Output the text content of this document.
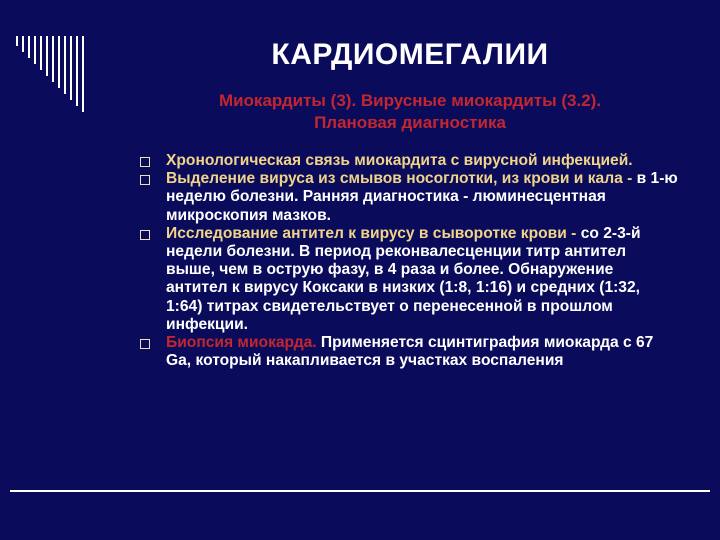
КАРДИОМЕГАЛИИ
Миокардиты (3). Вирусные миокардиты (3.2).
Плановая диагностика

Хронологическая связь миокардита с вирусной инфекцией.

Выделение вируса из смывов носоглотки, из крови и кала - в 1-ю неделю болезни. Ранняя диагностика - люминесцентная микроскопия мазков.

Исследование антител к вирусу в сыворотке крови - со 2-3-й недели болезни. В период реконвалесценции титр антител выше, чем в острую фазу, в 4 раза и более. Обнаружение антител к вирусу Коксаки в низких (1:8, 1:16) и средних (1:32, 1:64) титрах свидетельствует о перенесенной в прошлом инфекции.

Биопсия миокарда. Применяется сцинтиграфия миокарда с 67 Ga, который накапливается в участках воспаления
